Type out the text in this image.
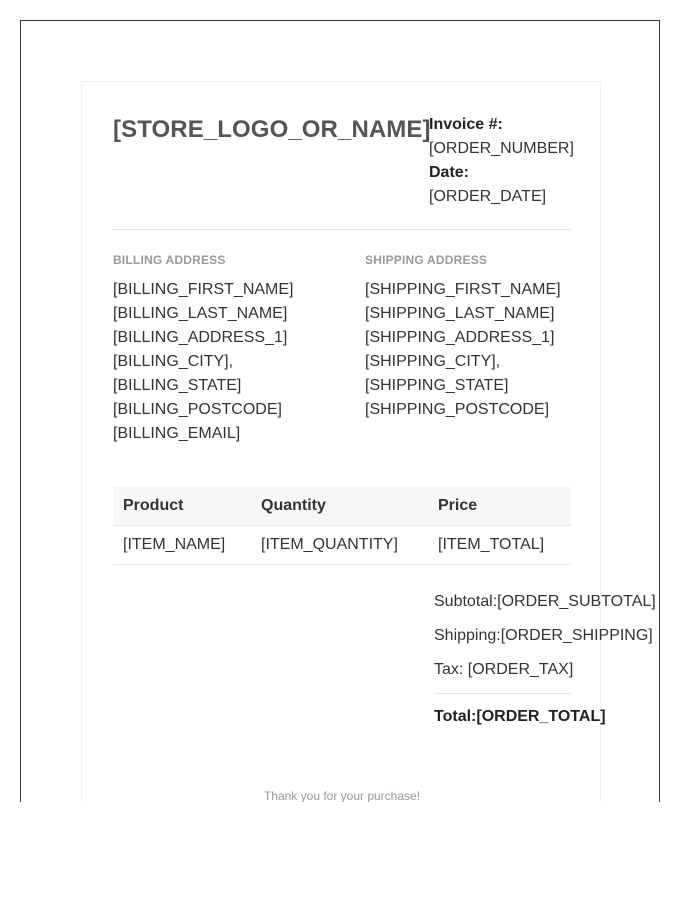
[STORE_LOGO_OR_NAME]
Invoice #:
[ORDER_NUMBER]
Date:
[ORDER_DATE]
BILLING ADDRESS
[BILLING_FIRST_NAME]
[BILLING_LAST_NAME]
[BILLING_ADDRESS_1]
[BILLING_CITY],
[BILLING_STATE]
[BILLING_POSTCODE]
[BILLING_EMAIL]
SHIPPING ADDRESS
[SHIPPING_FIRST_NAME]
[SHIPPING_LAST_NAME]
[SHIPPING_ADDRESS_1]
[SHIPPING_CITY],
[SHIPPING_STATE]
[SHIPPING_POSTCODE]
Product	Quantity	Price
[ITEM_NAME]	[ITEM_QUANTITY]	[ITEM_TOTAL]
Subtotal:[ORDER_SUBTOTAL]
Shipping:[ORDER_SHIPPING]
Tax: [ORDER_TAX]
Total:[ORDER_TOTAL]
Thank you for your purchase!
